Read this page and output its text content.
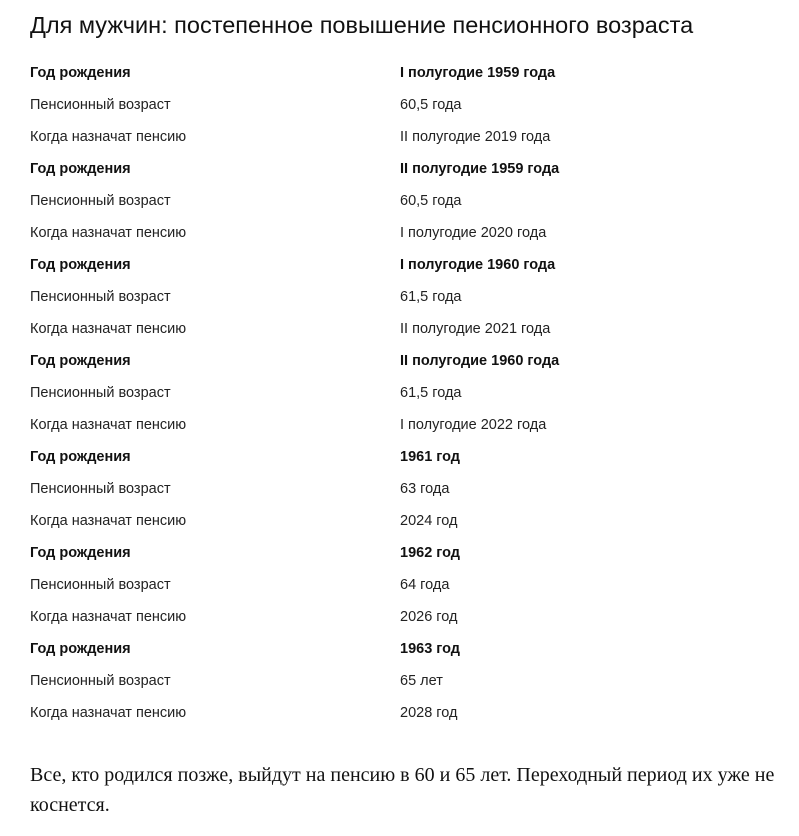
Для мужчин: постепенное повышение пенсионного возраста
Год рождения	I полугодие 1959 года
Пенсионный возраст	60,5 года
Когда назначат пенсию	II полугодие 2019 года
Год рождения	II полугодие 1959 года
Пенсионный возраст	60,5 года
Когда назначат пенсию	I полугодие 2020 года
Год рождения	I полугодие 1960 года
Пенсионный возраст	61,5 года
Когда назначат пенсию	II полугодие 2021 года
Год рождения	II полугодие 1960 года
Пенсионный возраст	61,5 года
Когда назначат пенсию	I полугодие 2022 года
Год рождения	1961 год
Пенсионный возраст	63 года
Когда назначат пенсию	2024 год
Год рождения	1962 год
Пенсионный возраст	64 года
Когда назначат пенсию	2026 год
Год рождения	1963 год
Пенсионный возраст	65 лет
Когда назначат пенсию	2028 год

Все, кто родился позже, выйдут на пенсию в 60 и 65 лет. Переходный период их уже не коснется.
